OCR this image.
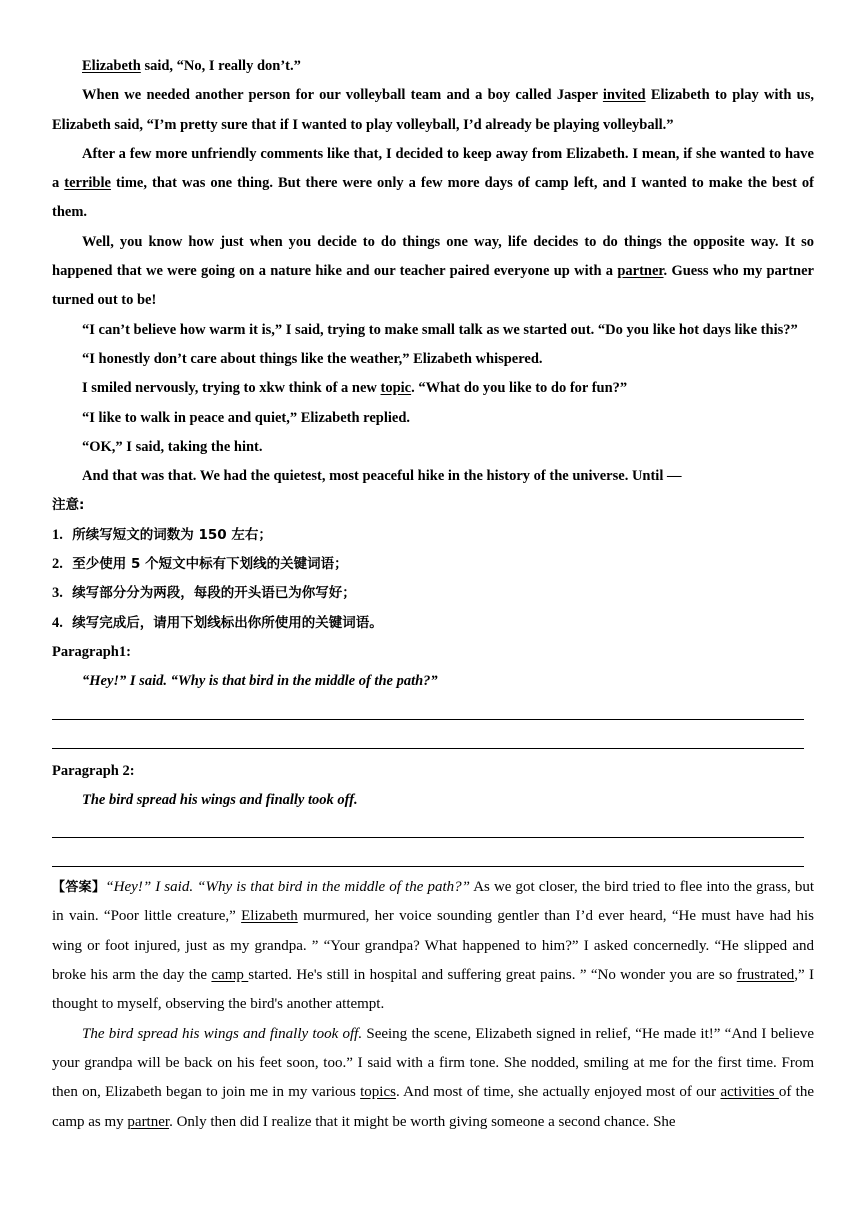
Elizabeth said, “No, I really don’t.”

When we needed another person for our volleyball team and a boy called Jasper invited Elizabeth to play with us, Elizabeth said, “I’m pretty sure that if I wanted to play volleyball, I’d already be playing volleyball.”

After a few more unfriendly comments like that, I decided to keep away from Elizabeth. I mean, if she wanted to have a terrible time, that was one thing. But there were only a few more days of camp left, and I wanted to make the best of them.

Well, you know how just when you decide to do things one way, life decides to do things the opposite way. It so happened that we were going on a nature hike and our teacher paired everyone up with a partner. Guess who my partner turned out to be!

“I can’t believe how warm it is,” I said, trying to make small talk as we started out. “Do you like hot days like this?”

“I honestly don’t care about things like the weather,” Elizabeth whispered.

I smiled nervously, trying to xkw think of a new topic. “What do you like to do for fun?”

“I like to walk in peace and quiet,” Elizabeth replied.

“OK,” I said, taking the hint.

And that was that. We had the quietest, most peaceful hike in the history of the universe. Until —

注意:

1. 所续写短文的词数为 150 左右；

2. 至少使用 5 个短文中标有下划线的关键词语；

3. 续写部分分为两段，每段的开头语已为你写好；

4. 续写完成后，请用下划线标出你所使用的关键词语。

Paragraph1:

“Hey!” I said. “Why is that bird in the middle of the path?”

Paragraph 2:

The bird spread his wings and finally took off.

【答案】“Hey!” I said. “Why is that bird in the middle of the path?” As we got closer, the bird tried to flee into the grass, but in vain. “Poor little creature,” Elizabeth murmured, her voice sounding gentler than I’d ever heard, “He must have had his wing or foot injured, just as my grandpa. ” “Your grandpa? What happened to him?” I asked concernedly. “He slipped and broke his arm the day the camp started. He's still in hospital and suffering great pains. ” “No wonder you are so frustrated,” I thought to myself, observing the bird's another attempt.

The bird spread his wings and finally took off. Seeing the scene, Elizabeth signed in relief, “He made it!” “And I believe your grandpa will be back on his feet soon, too.” I said with a firm tone. She nodded, smiling at me for the first time. From then on, Elizabeth began to join me in my various topics. And most of time, she actually enjoyed most of our activities of the camp as my partner. Only then did I realize that it might be worth giving someone a second chance. She
